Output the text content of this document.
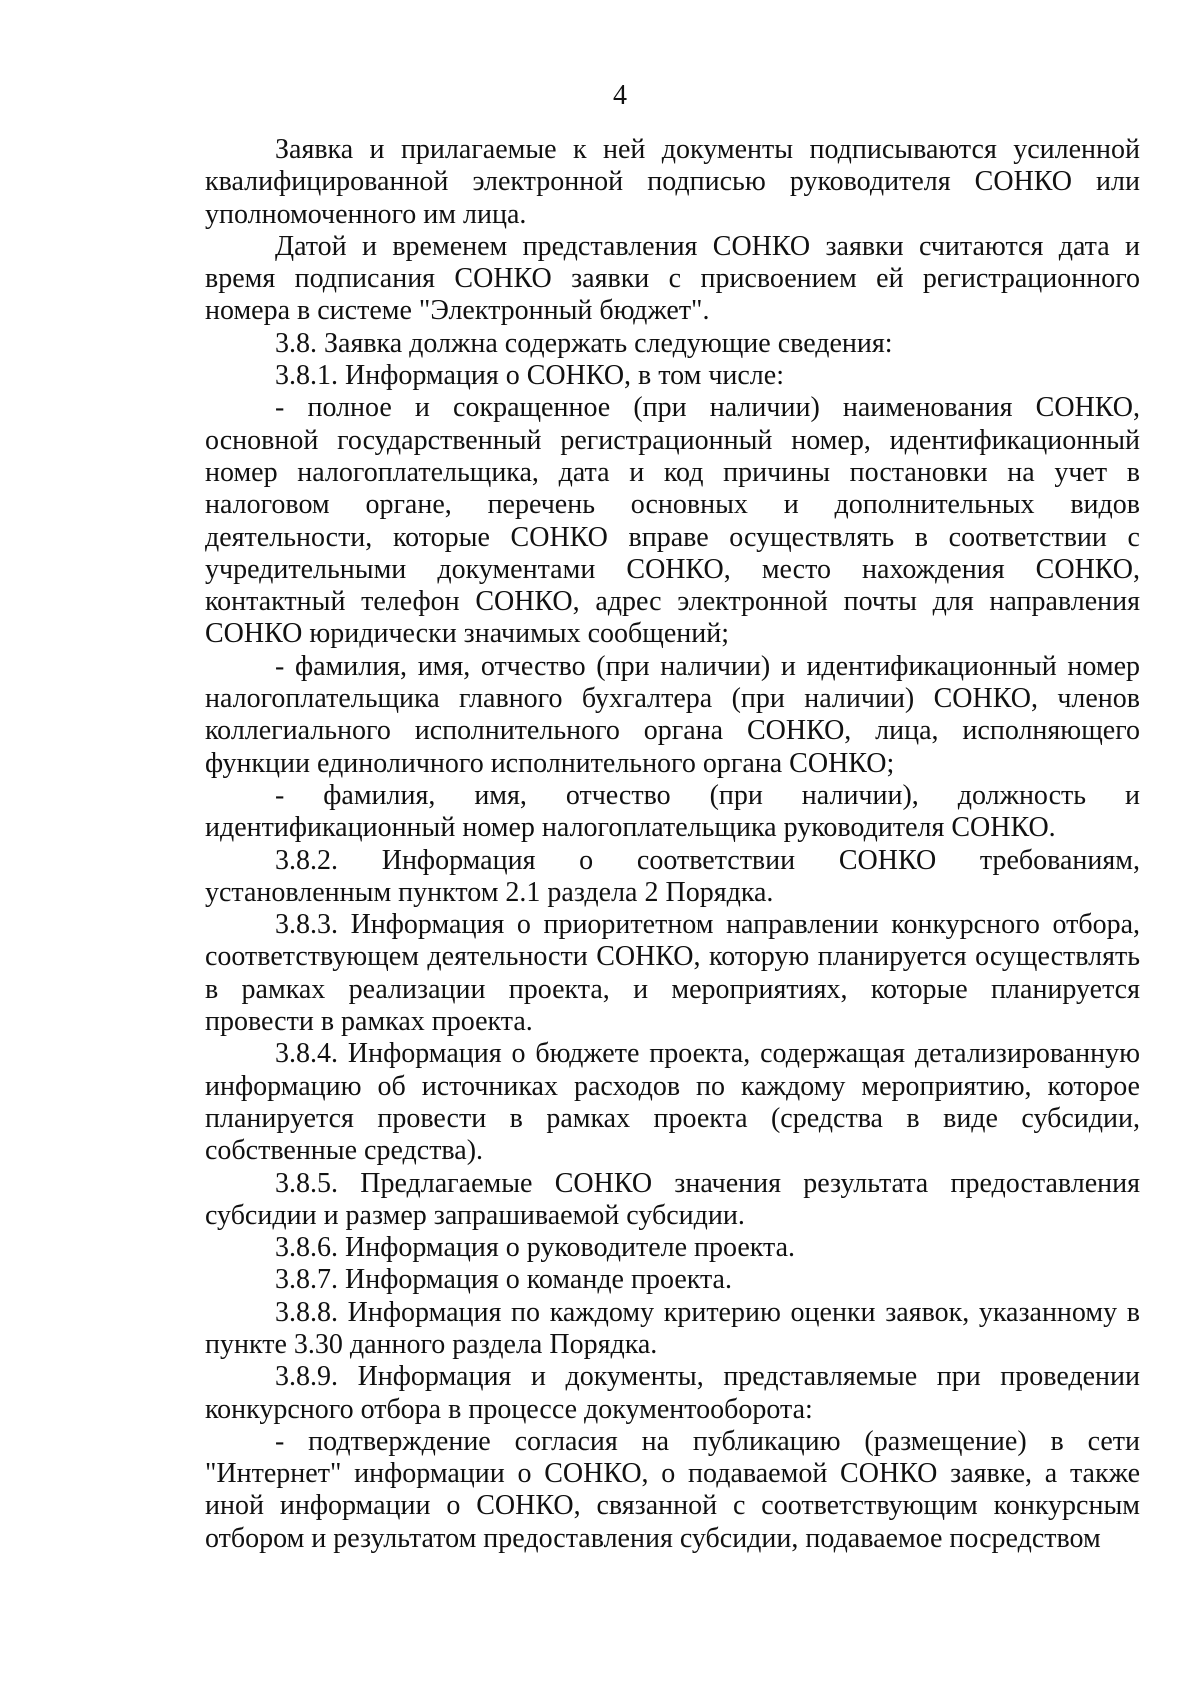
4

Заявка и прилагаемые к ней документы подписываются усиленной квалифицированной электронной подписью руководителя СОНКО или уполномоченного им лица.

Датой и временем представления СОНКО заявки считаются дата и время подписания СОНКО заявки с присвоением ей регистрационного номера в системе "Электронный бюджет".

3.8. Заявка должна содержать следующие сведения:

3.8.1. Информация о СОНКО, в том числе:

- полное и сокращенное (при наличии) наименования СОНКО, основной государственный регистрационный номер, идентификационный номер налогоплательщика, дата и код причины постановки на учет в налоговом органе, перечень основных и дополнительных видов деятельности, которые СОНКО вправе осуществлять в соответствии с учредительными документами СОНКО, место нахождения СОНКО, контактный телефон СОНКО, адрес электронной почты для направления СОНКО юридически значимых сообщений;

- фамилия, имя, отчество (при наличии) и идентификационный номер налогоплательщика главного бухгалтера (при наличии) СОНКО, членов коллегиального исполнительного органа СОНКО, лица, исполняющего функции единоличного исполнительного органа СОНКО;

- фамилия, имя, отчество (при наличии), должность и идентификационный номер налогоплательщика руководителя СОНКО.

3.8.2. Информация о соответствии СОНКО требованиям, установленным пунктом 2.1 раздела 2 Порядка.

3.8.3. Информация о приоритетном направлении конкурсного отбора, соответствующем деятельности СОНКО, которую планируется осуществлять в рамках реализации проекта, и мероприятиях, которые планируется провести в рамках проекта.

3.8.4. Информация о бюджете проекта, содержащая детализированную информацию об источниках расходов по каждому мероприятию, которое планируется провести в рамках проекта (средства в виде субсидии, собственные средства).

3.8.5. Предлагаемые СОНКО значения результата предоставления субсидии и размер запрашиваемой субсидии.

3.8.6. Информация о руководителе проекта.

3.8.7. Информация о команде проекта.

3.8.8. Информация по каждому критерию оценки заявок, указанному в пункте 3.30 данного раздела Порядка.

3.8.9. Информация и документы, представляемые при проведении конкурсного отбора в процессе документооборота:

- подтверждение согласия на публикацию (размещение) в сети "Интернет" информации о СОНКО, о подаваемой СОНКО заявке, а также иной информации о СОНКО, связанной с соответствующим конкурсным отбором и результатом предоставления субсидии, подаваемое посредством
